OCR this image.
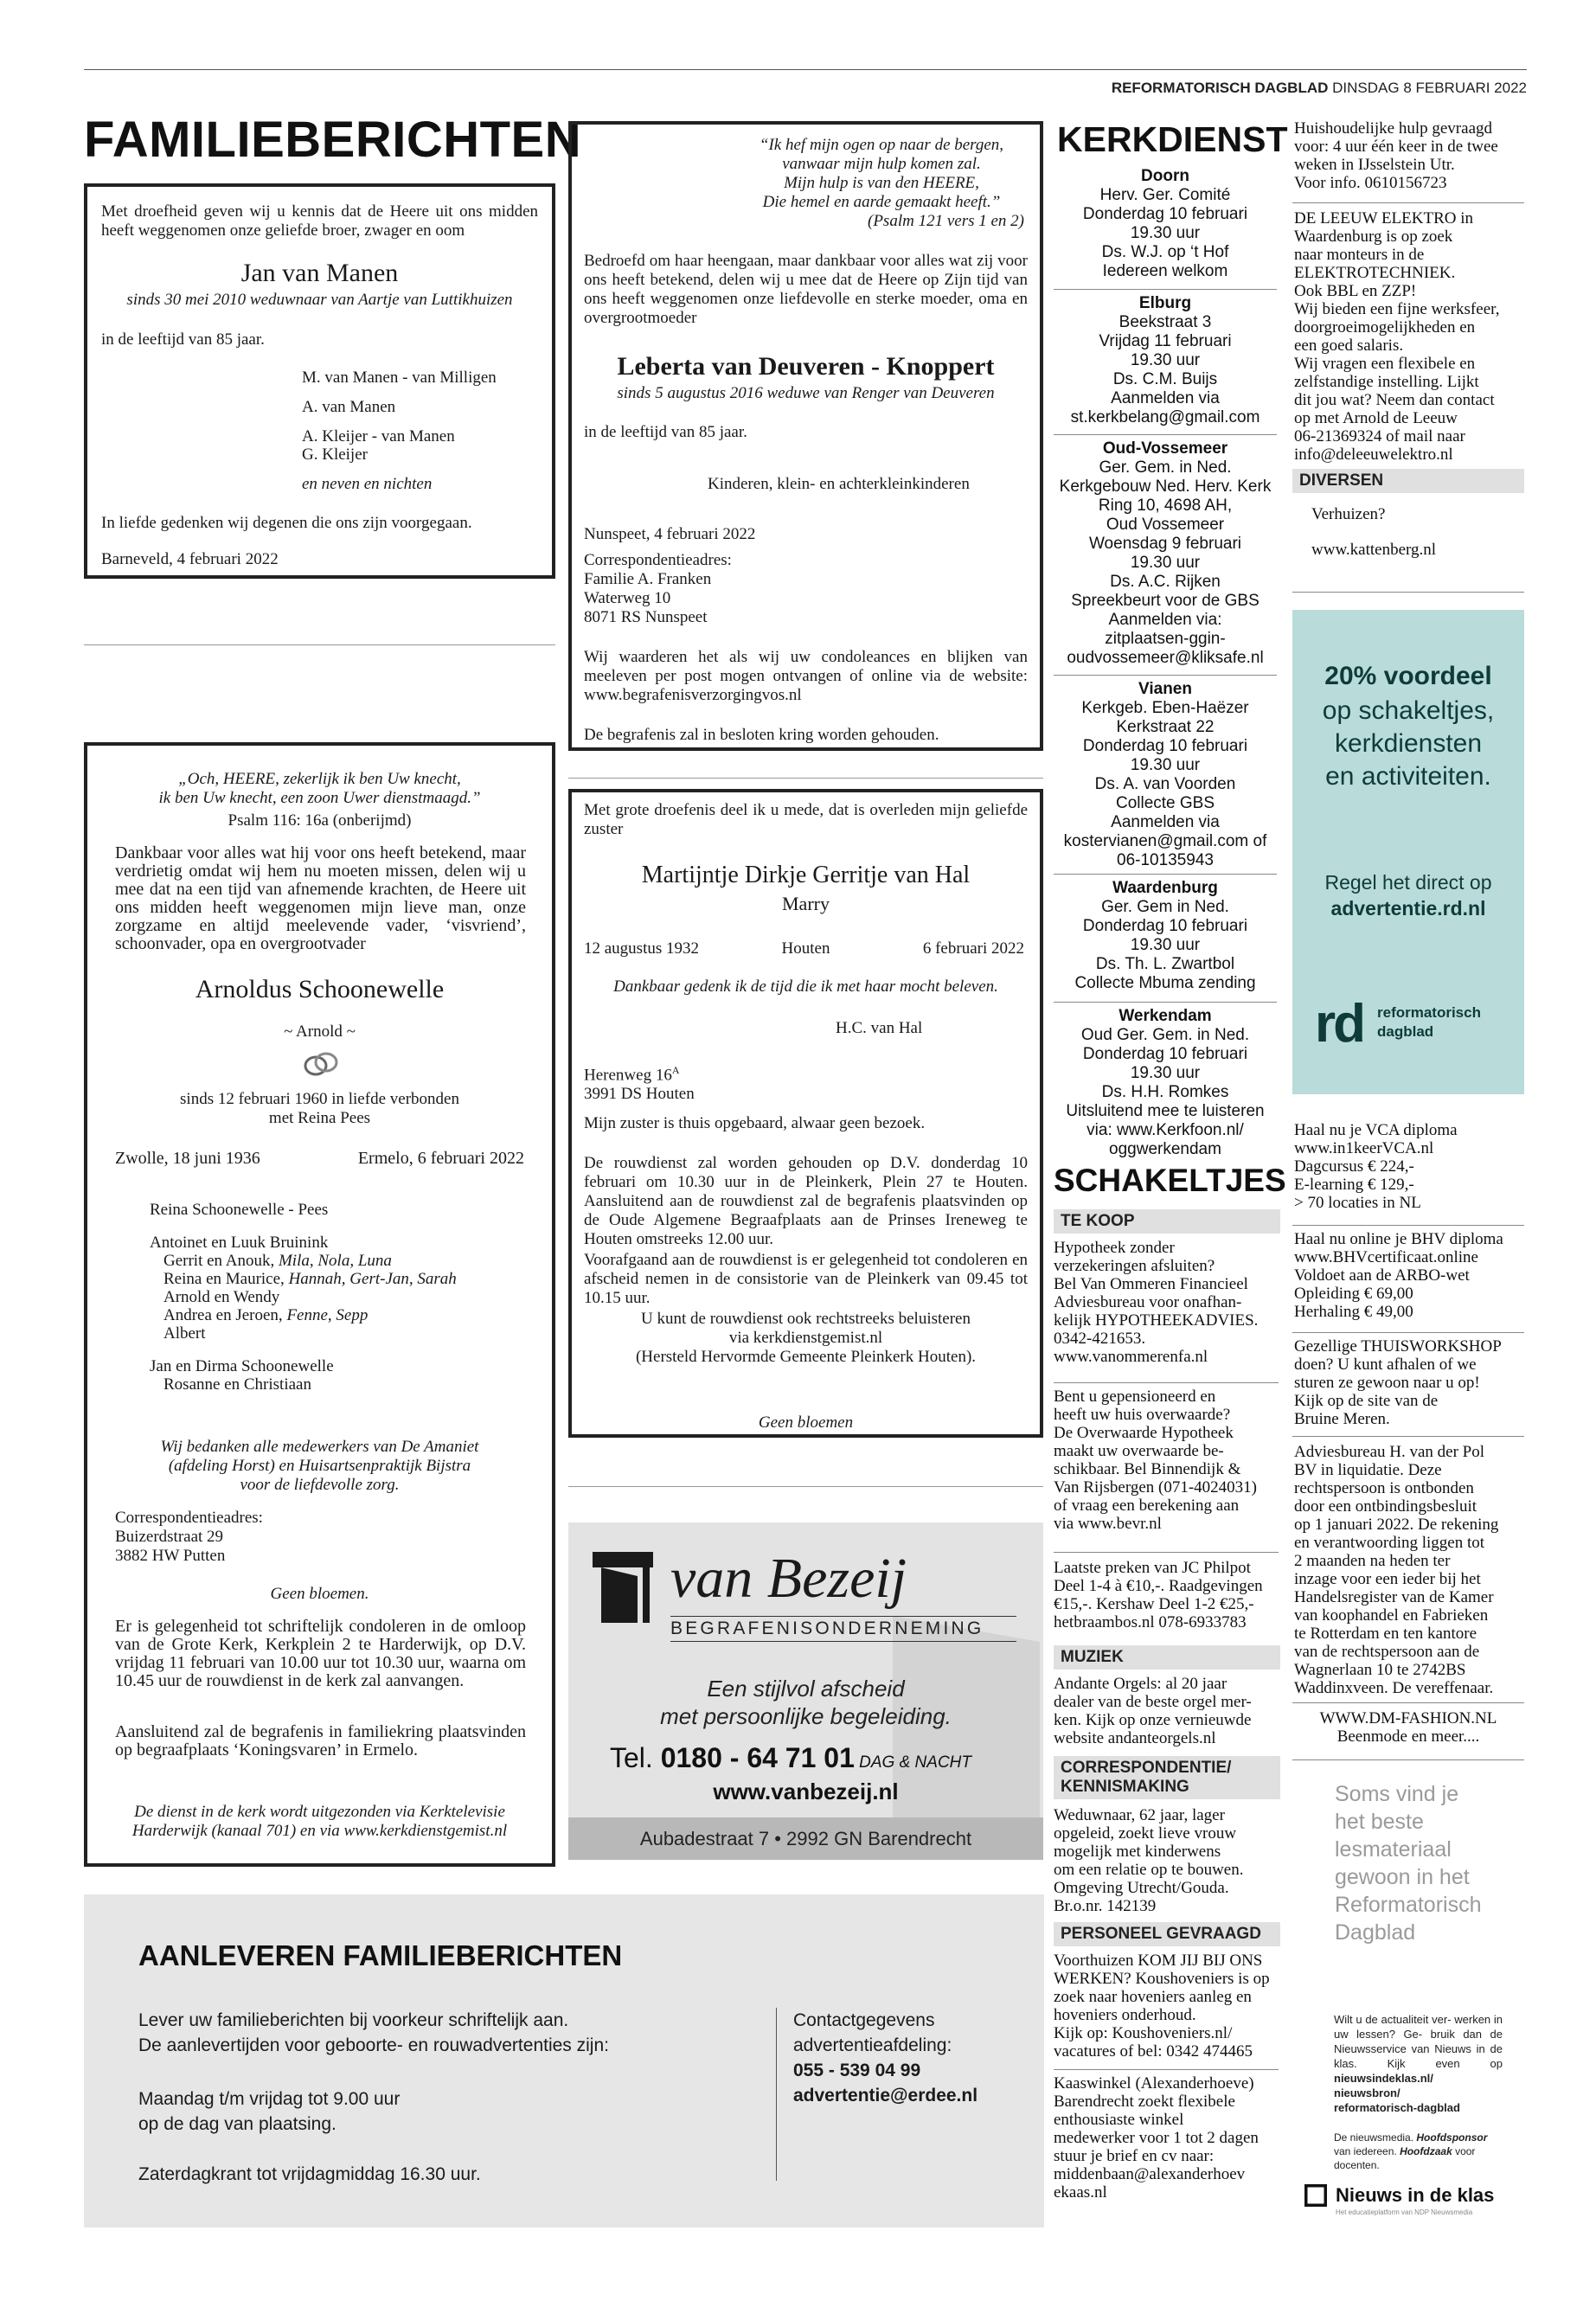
REFORMATORISCH DAGBLAD DINSDAG 8 FEBRUARI 2022
FAMILIEBERICHTEN
Met droefheid geven wij u kennis dat de Heere uit ons midden heeft weggenomen onze geliefde broer, zwager en oom
Jan van Manen
sinds 30 mei 2010 weduwnaar van Aartje van Luttikhuizen
in de leeftijd van 85 jaar.
M. van Manen - van Milligen
A. van Manen
A. Kleijer - van Manen
G. Kleijer
en neven en nichten
In liefde gedenken wij degenen die ons zijn voorgegaan.
Barneveld, 4 februari 2022
“Ik hef mijn ogen op naar de bergen,
vanwaar mijn hulp komen zal.
Mijn hulp is van den HEERE,
Die hemel en aarde gemaakt heeft.”
(Psalm 121 vers 1 en 2)
Bedroefd om haar heengaan, maar dankbaar voor alles wat zij voor ons heeft betekend, delen wij u mee dat de Heere op Zijn tijd van ons heeft weggenomen onze liefdevolle en sterke moeder, oma en overgrootmoeder
Leberta van Deuveren - Knoppert
sinds 5 augustus 2016 weduwe van Renger van Deuveren
in de leeftijd van 85 jaar.
Kinderen, klein- en achterkleinkinderen
Nunspeet, 4 februari 2022
Correspondentieadres:
Familie A. Franken
Waterweg 10
8071 RS Nunspeet
Wij waarderen het als wij uw condoleances en blijken van meeleven per post mogen ontvangen of online via de website: www.begrafenisverzorgingvos.nl
De begrafenis zal in besloten kring worden gehouden.
„Och, HEERE, zekerlijk ik ben Uw knecht,
ik ben Uw knecht, een zoon Uwer dienstmaagd.”
Psalm 116: 16a (onberijmd)
Dankbaar voor alles wat hij voor ons heeft betekend, maar verdrietig omdat wij hem nu moeten missen, delen wij u mee dat na een tijd van afnemende krachten, de Heere uit ons midden heeft weggenomen mijn lieve man, onze zorgzame en altijd meelevende vader, ‘visvriend’, schoonvader, opa en overgrootvader
Arnoldus Schoonewelle
~ Arnold ~
sinds 12 februari 1960 in liefde verbonden
met Reina Pees
Zwolle, 18 juni 1936	Ermelo, 6 februari 2022
Reina Schoonewelle - Pees
Antoinet en Luuk Bruinink
Gerrit en Anouk, Mila, Nola, Luna
Reina en Maurice, Hannah, Gert-Jan, Sarah
Arnold en Wendy
Andrea en Jeroen, Fenne, Sepp
Albert
Jan en Dirma Schoonewelle
Rosanne en Christiaan
Wij bedanken alle medewerkers van De Amaniet
(afdeling Horst) en Huisartsenpraktijk Bijstra
voor de liefdevolle zorg.
Correspondentieadres:
Buizerdstraat 29
3882 HW Putten
Geen bloemen.
Er is gelegenheid tot schriftelijk condoleren in de omloop van de Grote Kerk, Kerkplein 2 te Harderwijk, op D.V. vrijdag 11 februari van 10.00 uur tot 10.30 uur, waarna om 10.45 uur de rouwdienst in de kerk zal aanvangen.
Aansluitend zal de begrafenis in familiekring plaatsvinden op begraafplaats ‘Koningsvaren’ in Ermelo.
De dienst in de kerk wordt uitgezonden via Kerktelevisie
Harderwijk (kanaal 701) en via www.kerkdienstgemist.nl
Met grote droefenis deel ik u mede, dat is overleden mijn geliefde zuster
Martijntje Dirkje Gerritje van Hal
Marry
12 augustus 1932	Houten	6 februari 2022
Dankbaar gedenk ik de tijd die ik met haar mocht beleven.
H.C. van Hal
Herenweg $16^A$
3991 DS Houten
Mijn zuster is thuis opgebaard, alwaar geen bezoek.
De rouwdienst zal worden gehouden op D.V. donderdag 10 februari om 10.30 uur in de Pleinkerk, Plein 27 te Houten. Aansluitend aan de rouwdienst zal de begrafenis plaatsvinden op de Oude Algemene Begraafplaats aan de Prinses Ireneweg te Houten omstreeks 12.00 uur.
Voorafgaand aan de rouwdienst is er gelegenheid tot condoleren en afscheid nemen in de consistorie van de Pleinkerk van 09.45 tot 10.15 uur.
U kunt de rouwdienst ook rechtstreeks beluisteren
via kerkdienstgemist.nl
(Hersteld Hervormde Gemeente Pleinkerk Houten).
Geen bloemen
van Bezeij
BEGRAFENISONDERNEMING
Een stijlvol afscheid
met persoonlijke begeleiding.
Tel. 0180 - 64 71 01 DAG & NACHT
www.vanbezeij.nl
Aubadestraat 7 • 2992 GN Barendrecht
AANLEVEREN FAMILIEBERICHTEN
Lever uw familieberichten bij voorkeur schriftelijk aan.
De aanlevertijden voor geboorte- en rouwadvertenties zijn:
Maandag t/m vrijdag tot 9.00 uur
op de dag van plaatsing.
Zaterdagkrant tot vrijdagmiddag 16.30 uur.
Contactgegevens
advertentieafdeling:
055 - 539 04 99
advertentie@erdee.nl
KERKDIENST
Doorn
Herv. Ger. Comité
Donderdag 10 februari
19.30 uur
Ds. W.J. op ‘t Hof
Iedereen welkom
Elburg
Beekstraat 3
Vrijdag 11 februari
19.30 uur
Ds. C.M. Buijs
Aanmelden via
st.kerkbelang@gmail.com
Oud-Vossemeer
Ger. Gem. in Ned.
Kerkgebouw Ned. Herv. Kerk
Ring 10, 4698 AH,
Oud Vossemeer
Woensdag 9 februari
19.30 uur
Ds. A.C. Rijken
Spreekbeurt voor de GBS
Aanmelden via:
zitplaatsen-ggin-
oudvossemeer@kliksafe.nl
Vianen
Kerkgeb. Eben-Haëzer
Kerkstraat 22
Donderdag 10 februari
19.30 uur
Ds. A. van Voorden
Collecte GBS
Aanmelden via
kostervianen@gmail.com of
06-10135943
Waardenburg
Ger. Gem in Ned.
Donderdag 10 februari
19.30 uur
Ds. Th. L. Zwartbol
Collecte Mbuma zending
Werkendam
Oud Ger. Gem. in Ned.
Donderdag 10 februari
19.30 uur
Ds. H.H. Romkes
Uitsluitend mee te luisteren
via: www.Kerkfoon.nl/
oggwerkendam
SCHAKELTJES
TE KOOP
Hypotheek zonder
verzekeringen afsluiten?
Bel Van Ommeren Financieel
Adviesbureau voor onafhan-
kelijk HYPOTHEEKADVIES.
0342-421653.
www.vanommerenfa.nl
Bent u gepensioneerd en
heeft uw huis overwaarde?
De Overwaarde Hypotheek
maakt uw overwaarde be-
schikbaar. Bel Binnendijk &
Van Rijsbergen (071-4024031)
of vraag een berekening aan
via www.bevr.nl
Laatste preken van JC Philpot
Deel 1-4 à €10,-. Raadgevingen
€15,-. Kershaw Deel 1-2 €25,-
hetbraambos.nl 078-6933783
MUZIEK
Andante Orgels: al 20 jaar
dealer van de beste orgel mer-
ken. Kijk op onze vernieuwde
website andanteorgels.nl
CORRESPONDENTIE/
KENNISMAKING
Weduwnaar, 62 jaar, lager
opgeleid, zoekt lieve vrouw
mogelijk met kinderwens
om een relatie op te bouwen.
Omgeving Utrecht/Gouda.
Br.o.nr. 142139
PERSONEEL GEVRAAGD
Voorthuizen KOM JIJ BIJ ONS
WERKEN? Koushoveniers is op
zoek naar hoveniers aanleg en
hoveniers onderhoud.
Kijk op: Koushoveniers.nl/
vacatures of bel: 0342 474465
Kaaswinkel (Alexanderhoeve)
Barendrecht zoekt flexibele
enthousiaste winkel
medewerker voor 1 tot 2 dagen
stuur je brief en cv naar:
middenbaan@alexanderhoev
ekaas.nl
Huishoudelijke hulp gevraagd
voor: 4 uur één keer in de twee
weken in IJsselstein Utr.
Voor info. 0610156723
DE LEEUW ELEKTRO in
Waardenburg is op zoek
naar monteurs in de
ELEKTROTECHNIEK.
Ook BBL en ZZP!
Wij bieden een fijne werksfeer,
doorgroeimogelijkheden en
een goed salaris.
Wij vragen een flexibele en
zelfstandige instelling. Lijkt
dit jou wat? Neem dan contact
op met Arnold de Leeuw
06-21369324 of mail naar
info@deleeuwelektro.nl
DIVERSEN
Verhuizen?
www.kattenberg.nl
20% voordeel
op schakeltjes,
kerkdiensten
en activiteiten.
Regel het direct op
advertentie.rd.nl
rd reformatorisch
dagblad
Haal nu je VCA diploma
www.in1keerVCA.nl
Dagcursus € 224,-
E-learning € 129,-
> 70 locaties in NL
Haal nu online je BHV diploma
www.BHVcertificaat.online
Voldoet aan de ARBO-wet
Opleiding € 69,00
Herhaling € 49,00
Gezellige THUISWORKSHOP
doen? U kunt afhalen of we
sturen ze gewoon naar u op!
Kijk op de site van de
Bruine Meren.
Adviesbureau H. van der Pol
BV in liquidatie. Deze
rechtspersoon is ontbonden
door een ontbindingsbesluit
op 1 januari 2022. De rekening
en verantwoording liggen tot
2 maanden na heden ter
inzage voor een ieder bij het
Handelsregister van de Kamer
van koophandel en Fabrieken
te Rotterdam en ten kantore
van de rechtspersoon aan de
Wagnerlaan 10 te 2742BS
Waddinxveen. De vereffenaar.
WWW.DM-FASHION.NL
Beenmode en meer....
Soms vind je
het beste
lesmateriaal
gewoon in het
Reformatorisch
Dagblad
Wilt u de actualiteit ver- werken in uw lessen? Ge- bruik dan de Nieuwsservice van Nieuws in de klas. Kijk	even op nieuwsindeklas.nl/
nieuwsbron/
reformatorisch-dagblad
De nieuwsmedia. Hoofdsponsor van iedereen. Hoofdzaak voor docenten.
Nieuws in de klas
Het educatieplatform van NDP Nieuwsmedia
